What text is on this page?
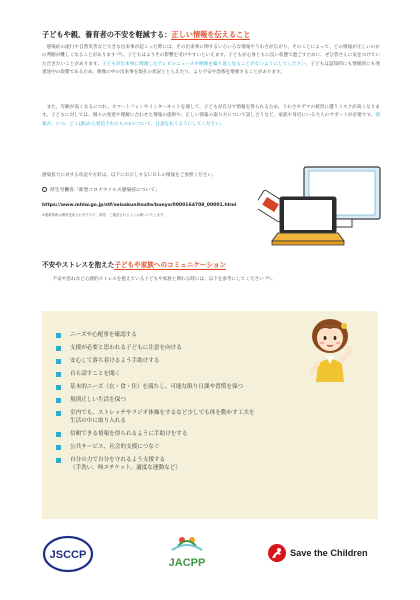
子どもや親、養育者の不安を軽減する：正しい情報を伝えること
　感染症の流行や自然災害など大きな出来事が起こった際には、その出来事に関するいろいろな情報やうわさが広がり、そのことによって、どの情報が正しいのかの判断が難しくなることがあります ¹⁹）。子どもはよりその影響を受けやすいといえます。子どもが心身ともに良い状態で過ごすために、ぜひ皆さんに気をつけていただきたいことがあります。子どもが出来事に関連したテレビのニュースや映像を繰り返し見ることがないようにしてください。子どもは認知的にも情緒的にも発達途中の段階であるため、映像の中の出来事を現在の状況ととらえたり、より不安や恐怖を増強することがあります。
　また、年齢が高くなるにつれ、スマートフォンやインターネットを通して、子どもが自分で情報を得られるため、うわさやデマの被害に遭うリスクが高くなります。子どもに対しては、個々の発達や理解に合わせた情報の提供や、正しい情報の取り方について話し合うなど、家族や身近にいる大人のサポートが必要です。情報が、いつ、どこ(誰)から発信されたものかについて、注意を払うようにしてください。
感染拡大に対する状況や方針は、以下にお示しするＵＲＬの情報をご参照ください。
厚生労働省「新型コロナウイルス感染症について」
https://www.mhlw.go.jp/stf/seisakunitsuite/bunya/0000164708_00001.html
※掲載情報は随時更新されますので、都度、ご確認されるようお願いいたします。
不安やストレスを抱えた子どもや家族へのコミュニケーション
　不安や恐れなど心理的ストレスを抱えている子どもや家族と関わる時には、以下を参考にしてください ¹⁹）。
ニーズや心配事を確認する
支援が必要と思われる子どもに注意を向ける
安心して落ち着けるよう手助けする
自ら話すことを聞く
基本的ニーズ（衣・食・住）を満たし、可能な限り日課や習慣を保つ
規則正しい生活を保つ
室内でも、ストレッチやラジオ体操をするなど少しでも体を動かす工夫を
生活の中に取り入れる
信頼できる情報を得られるように手助けをする
公共サービス、社会的支援につなぐ
自分の力で自分を守れるよう支援する
（手洗い、咳エチケット、適度な運動など）
JSCCP
JACPP
Save the Children
